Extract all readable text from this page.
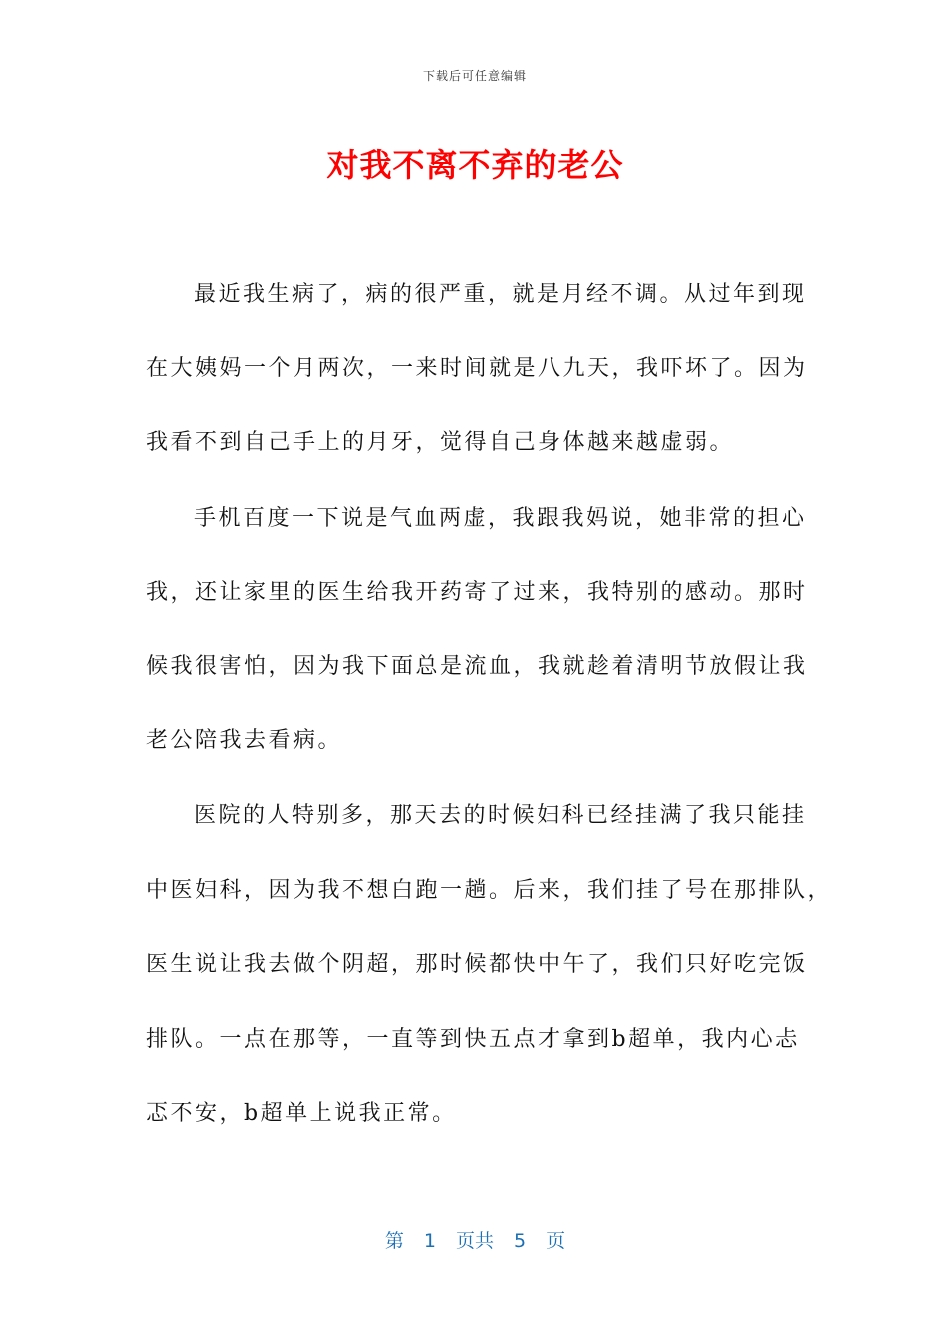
下载后可任意编辑
对我不离不弃的老公
最近我生病了，病的很严重，就是月经不调。从过年到现
在大姨妈一个月两次，一来时间就是八九天，我吓坏了。因为
我看不到自己手上的月牙，觉得自己身体越来越虚弱。
手机百度一下说是气血两虚，我跟我妈说，她非常的担心
我，还让家里的医生给我开药寄了过来，我特别的感动。那时
候我很害怕，因为我下面总是流血，我就趁着清明节放假让我
老公陪我去看病。
医院的人特别多，那天去的时候妇科已经挂满了我只能挂
中医妇科，因为我不想白跑一趟。后来，我们挂了号在那排队，
医生说让我去做个阴超，那时候都快中午了，我们只好吃完饭
排队。一点在那等，一直等到快五点才拿到b超单，我内心忐
忑不安，b超单上说我正常。
第 1 页共 5 页
